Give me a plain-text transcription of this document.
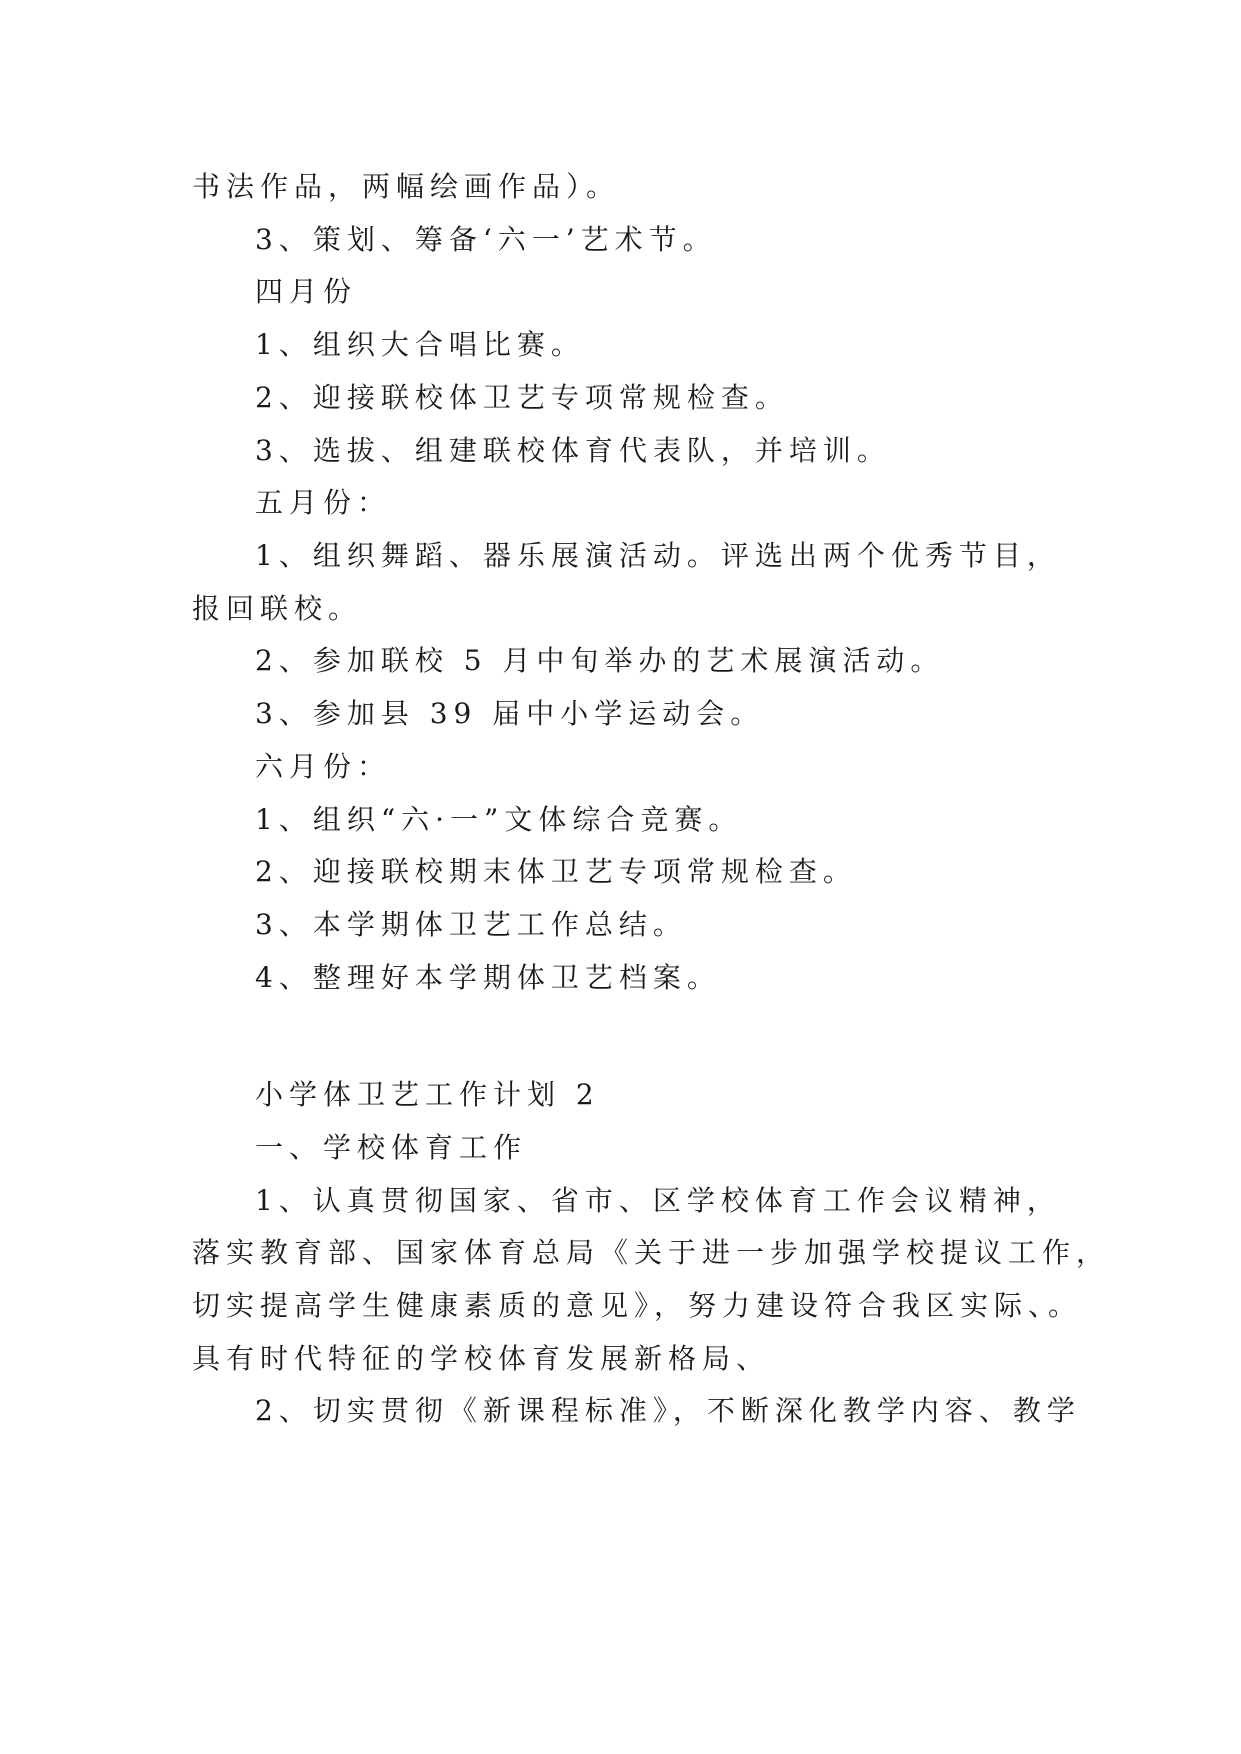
书法作品，两幅绘画作品）。
3、策划、筹备‘六一’艺术节。
四月份
1、组织大合唱比赛。
2、迎接联校体卫艺专项常规检查。
3、选拔、组建联校体育代表队，并培训。
五月份：
1、组织舞蹈、器乐展演活动。评选出两个优秀节目，
报回联校。
2、参加联校 5 月中旬举办的艺术展演活动。
3、参加县 39 届中小学运动会。
六月份：
1、组织“六·一”文体综合竞赛。
2、迎接联校期末体卫艺专项常规检查。
3、本学期体卫艺工作总结。
4、整理好本学期体卫艺档案。
小学体卫艺工作计划 2
一、学校体育工作
1、认真贯彻国家、省市、区学校体育工作会议精神，
落实教育部、国家体育总局《关于进一步加强学校提议工作，
切实提高学生健康素质的意见》，努力建设符合我区实际、。
具有时代特征的学校体育发展新格局、
2、切实贯彻《新课程标准》，不断深化教学内容、教学
